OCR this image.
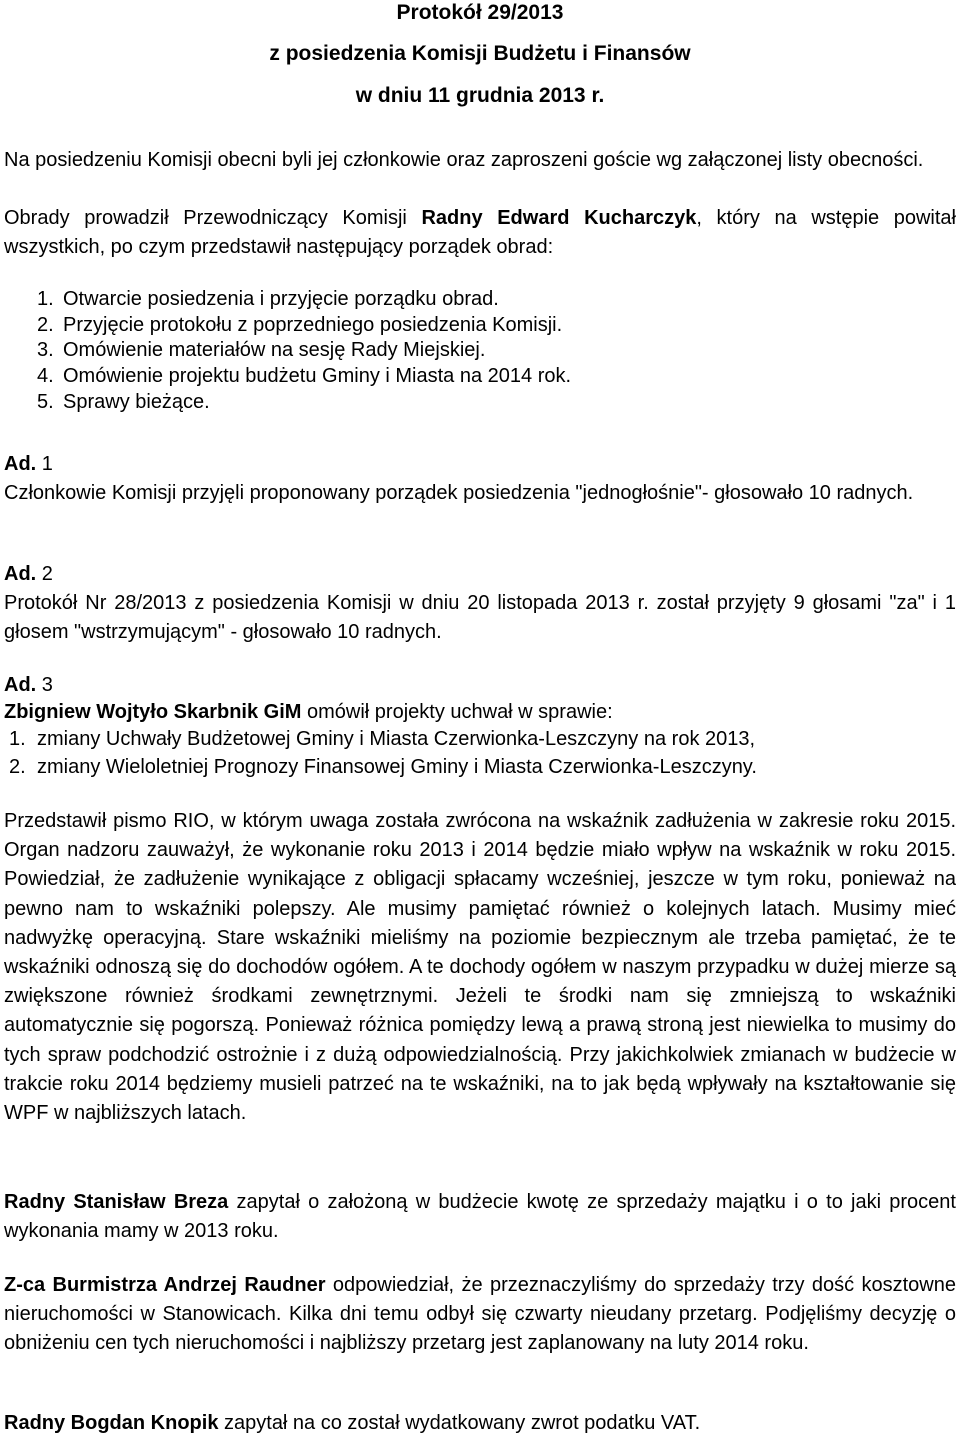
Protokół 29/2013
z posiedzenia Komisji Budżetu i Finansów
w dniu 11 grudnia 2013 r.

Na posiedzeniu Komisji obecni byli jej członkowie oraz zaproszeni goście wg załączonej listy obecności.

Obrady prowadził Przewodniczący Komisji Radny Edward Kucharczyk, który na wstępie powitał wszystkich, po czym przedstawił następujący porządek obrad:

1. Otwarcie posiedzenia i przyjęcie porządku obrad.
2. Przyjęcie protokołu z poprzedniego posiedzenia Komisji.
3. Omówienie materiałów na sesję Rady Miejskiej.
4. Omówienie projektu budżetu Gminy i Miasta na 2014 rok.
5. Sprawy bieżące.

Ad. 1

Członkowie Komisji przyjęli proponowany porządek posiedzenia "jednogłośnie"- głosowało 10 radnych.

Ad. 2

Protokół Nr 28/2013 z posiedzenia Komisji w dniu 20 listopada 2013 r. został przyjęty 9 głosami "za" i 1 głosem "wstrzymującym" - głosowało 10 radnych.

Ad. 3

Zbigniew Wojtyło Skarbnik GiM omówił projekty uchwał w sprawie:

1. zmiany Uchwały Budżetowej Gminy i Miasta Czerwionka-Leszczyny na rok 2013,
2. zmiany Wieloletniej Prognozy Finansowej Gminy i Miasta Czerwionka-Leszczyny.

Przedstawił pismo RIO, w którym uwaga została zwrócona na wskaźnik zadłużenia w zakresie roku 2015. Organ nadzoru zauważył, że wykonanie roku 2013 i 2014 będzie miało wpływ na wskaźnik w roku 2015. Powiedział, że zadłużenie wynikające z obligacji spłacamy wcześniej, jeszcze w tym roku, ponieważ na pewno nam to wskaźniki polepszy. Ale musimy pamiętać również o kolejnych latach. Musimy mieć nadwyżkę operacyjną. Stare wskaźniki mieliśmy na poziomie bezpiecznym ale trzeba pamiętać, że te wskaźniki odnoszą się do dochodów ogółem. A te dochody ogółem w naszym przypadku w dużej mierze są zwiększone również środkami zewnętrznymi. Jeżeli te środki nam się zmniejszą to wskaźniki automatycznie się pogorszą. Ponieważ różnica pomiędzy lewą a prawą stroną jest niewielka to musimy do tych spraw podchodzić ostrożnie i z dużą odpowiedzialnością. Przy jakichkolwiek zmianach w budżecie w trakcie roku 2014 będziemy musieli patrzeć na te wskaźniki, na to jak będą wpływały na kształtowanie się WPF w najbliższych latach.

Radny Stanisław Breza zapytał o założoną w budżecie kwotę ze sprzedaży majątku i o to jaki procent wykonania mamy w 2013 roku.

Z-ca Burmistrza Andrzej Raudner odpowiedział, że przeznaczyliśmy do sprzedaży trzy dość kosztowne nieruchomości w Stanowicach. Kilka dni temu odbył się czwarty nieudany przetarg. Podjęliśmy decyzję o obniżeniu cen tych nieruchomości i najbliższy przetarg jest zaplanowany na luty 2014 roku.

Radny Bogdan Knopik zapytał na co został wydatkowany zwrot podatku VAT.
